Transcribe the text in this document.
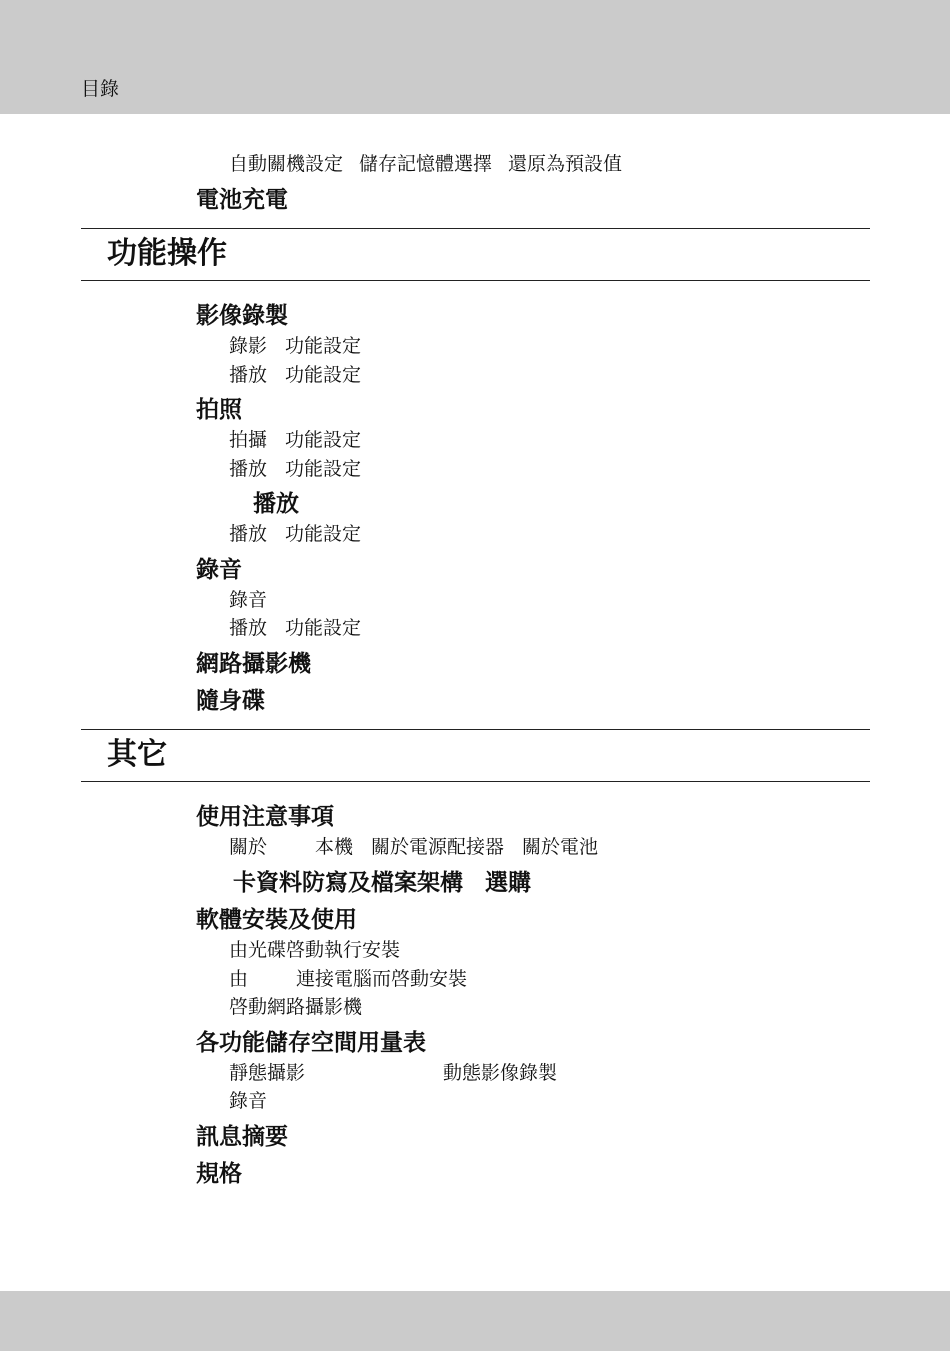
目錄
自動關機設定 儲存記憶體選擇 還原為預設值
電池充電
功能操作
影像錄製
錄影 功能設定
播放 功能設定
拍照
拍攝 功能設定
播放 功能設定
播放
播放 功能設定
錄音
錄音
播放 功能設定
網路攝影機
隨身碟
其它
使用注意事項
關於	本機 關於電源配接器 關於電池
卡資料防寫及檔案架構 選購
軟體安裝及使用
由光碟啓動執行安裝
由	連接電腦而啓動安裝
啓動網路攝影機
各功能儲存空間用量表
靜態攝影	動態影像錄製
錄音
訊息摘要
規格
